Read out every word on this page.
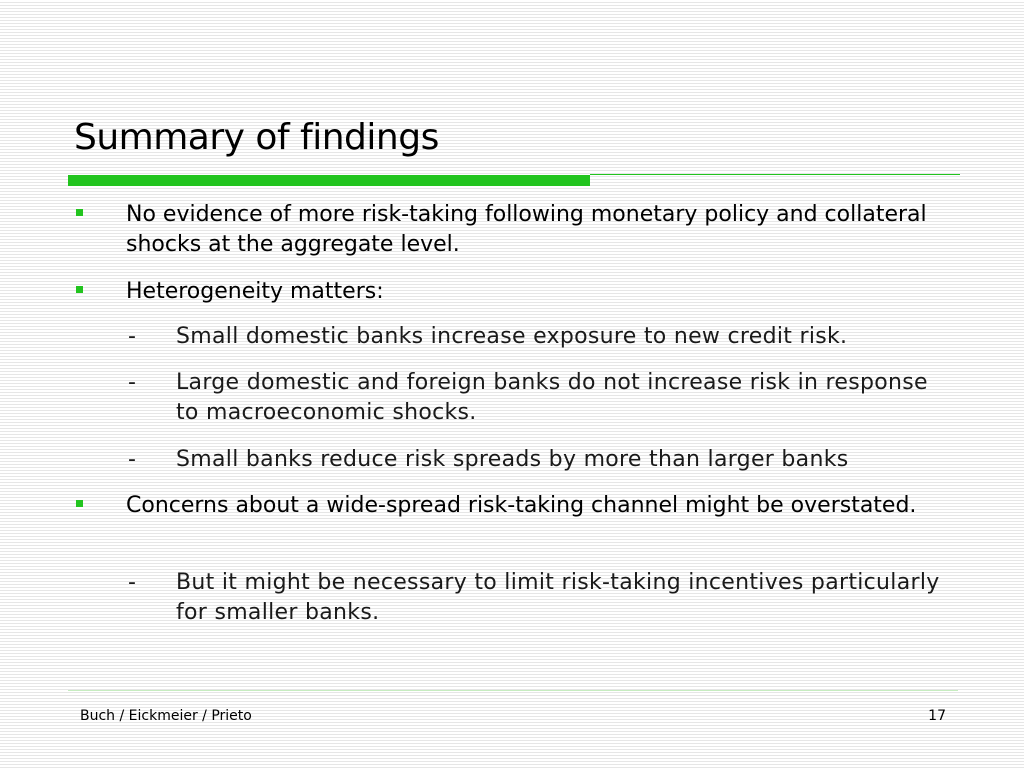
Summary of findings
No evidence of more risk-taking following monetary policy and collateral shocks at the aggregate level.
Heterogeneity matters:
-	Small domestic banks increase exposure to new credit risk.
-	Large domestic and foreign banks do not increase risk in response to macroeconomic shocks.
-	Small banks reduce risk spreads by more than larger banks
Concerns about a wide-spread risk-taking channel might be overstated.
-	But it might be necessary to limit risk-taking incentives particularly for smaller banks.
Buch / Eickmeier / Prieto	17
